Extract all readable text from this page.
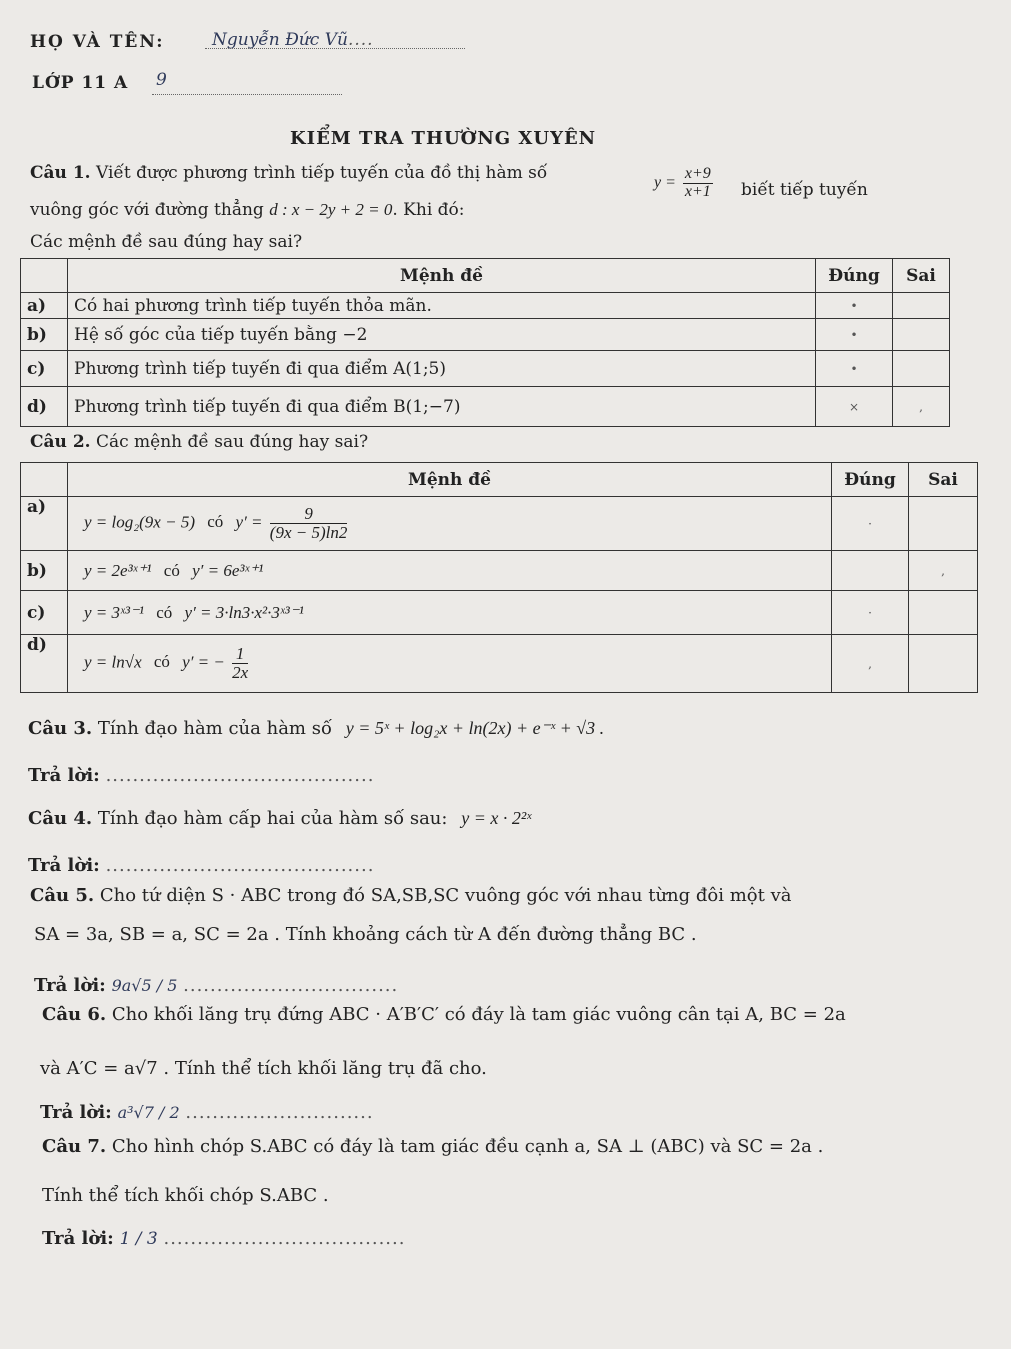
HỌ VÀ TÊN:	Nguyễn Đức Vũ....
LỚP 11 A 9
KIỂM TRA THƯỜNG XUYÊN
Câu 1. Viết được phương trình tiếp tuyến của đồ thị hàm số	$y = \frac{x+9}{x+1}$ biết tiếp tuyến
vuông góc với đường thẳng d : x − 2y + 2 = 0. Khi đó:
Các mệnh đề sau đúng hay sai?
	Mệnh đề	Đúng	Sai
a)	Có hai phương trình tiếp tuyến thỏa mãn.	•	
b)	Hệ số góc của tiếp tuyến bằng −2	•	
c)	Phương trình tiếp tuyến đi qua điểm A(1;5)	•	
d)	Phương trình tiếp tuyến đi qua điểm B(1;−7)	×	,
Câu 2. Các mệnh đề sau đúng hay sai?
	Mệnh đề	Đúng	Sai
a)	y = log₂(9x − 5) có $y' = \frac{9}{(9x - 5)\ln 2}$	·	
b)	y = 2e³ˣ⁺¹ có y′ = 6e³ˣ⁺¹		,
c)	y = 3ˣ³⁻¹ có y′ = 3·ln3·x²·3ˣ³⁻¹	·	
d)	y = ln√x có y′ = − $\frac{1}{2x}$	,	
Câu 3. Tính đạo hàm của hàm số y = 5ˣ + log₂x + ln(2x) + e⁻ˣ + √3 .
Trả lời: ........................................
Câu 4. Tính đạo hàm cấp hai của hàm số sau: y = x · 2²ˣ
Trả lời: ........................................
Câu 5. Cho tứ diện S · ABC trong đó SA,SB,SC vuông góc với nhau từng đôi một và
SA = 3a, SB = a, SC = 2a . Tính khoảng cách từ A đến đường thẳng BC .
Trả lời: 9a√5 / 5 ................................
Câu 6. Cho khối lăng trụ đứng ABC · A′B′C′ có đáy là tam giác vuông cân tại A, BC = 2a
và A′C = a√7 . Tính thể tích khối lăng trụ đã cho.
Trả lời: a³√7 / 2 ............................
Câu 7. Cho hình chóp S.ABC có đáy là tam giác đều cạnh a, SA ⊥ (ABC) và SC = 2a .
Tính thể tích khối chóp S.ABC .
Trả lời: 1 / 3 ....................................
